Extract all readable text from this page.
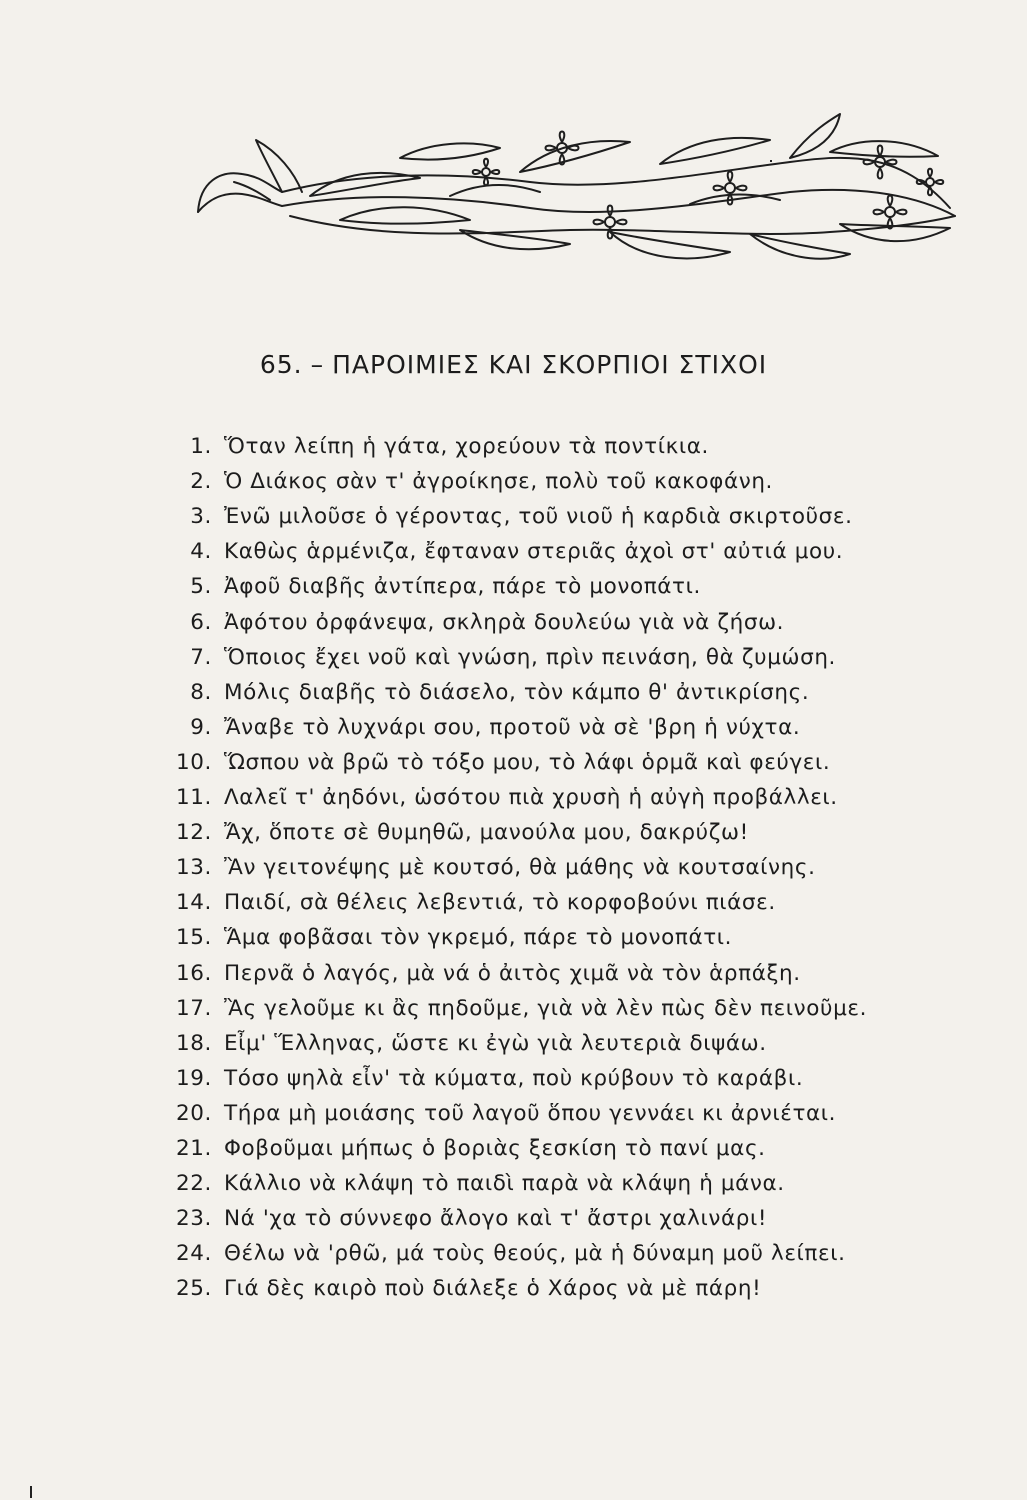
65. – ΠΑΡΟΙΜΙΕΣ ΚΑΙ ΣΚΟΡΠΙΟΙ ΣΤΙΧΟΙ
1. Ὅταν λείπη ἡ γάτα, χορεύουν τὰ ποντίκια.
2. Ὁ Διάκος σὰν τ' ἀγροίκησε, πολὺ τοῦ κακοφάνη.
3. Ἐνῶ μιλοῦσε ὁ γέροντας, τοῦ νιοῦ ἡ καρδιὰ σκιρτοῦσε.
4. Καθὼς ἁρμένιζα, ἔφταναν στεριᾶς ἀχοὶ στ' αὐτιά μου.
5. Ἀφοῦ διαβῆς ἀντίπερα, πάρε τὸ μονοπάτι.
6. Ἀφότου ὀρφάνεψα, σκληρὰ δουλεύω γιὰ νὰ ζήσω.
7. Ὅποιος ἔχει νοῦ καὶ γνώση, πρὶν πεινάση, θὰ ζυμώση.
8. Μόλις διαβῆς τὸ διάσελο, τὸν κάμπο θ' ἀντικρίσης.
9. Ἄναβε τὸ λυχνάρι σου, προτοῦ νὰ σὲ 'βρη ἡ νύχτα.
10. Ὥσπου νὰ βρῶ τὸ τόξο μου, τὸ λάφι ὁρμᾶ καὶ φεύγει.
11. Λαλεῖ τ' ἀηδόνι, ὡσότου πιὰ χρυσὴ ἡ αὐγὴ προβάλλει.
12. Ἄχ, ὅποτε σὲ θυμηθῶ, μανούλα μου, δακρύζω!
13. Ἂν γειτονέψης μὲ κουτσό, θὰ μάθης νὰ κουτσαίνης.
14. Παιδί, σὰ θέλεις λεβεντιά, τὸ κορφοβούνι πιάσε.
15. Ἅμα φοβᾶσαι τὸν γκρεμό, πάρε τὸ μονοπάτι.
16. Περνᾶ ὁ λαγός, μὰ νά ὁ ἀιτὸς χιμᾶ νὰ τὸν ἁρπάξη.
17. Ἂς γελοῦμε κι ἂς πηδοῦμε, γιὰ νὰ λὲν πὼς δὲν πεινοῦμε.
18. Εἶμ' Ἕλληνας, ὥστε κι ἐγὼ γιὰ λευτεριὰ διψάω.
19. Τόσο ψηλὰ εἶν' τὰ κύματα, ποὺ κρύβουν τὸ καράβι.
20. Τήρα μὴ μοιάσης τοῦ λαγοῦ ὅπου γεννάει κι ἀρνιέται.
21. Φοβοῦμαι μήπως ὁ βοριὰς ξεσκίση τὸ πανί μας.
22. Κάλλιο νὰ κλάψη τὸ παιδὶ παρὰ νὰ κλάψη ἡ μάνα.
23. Νά 'χα τὸ σύννεφο ἄλογο καὶ τ' ἄστρι χαλινάρι!
24. Θέλω νὰ 'ρθῶ, μά τοὺς θεούς, μὰ ἡ δύναμη μοῦ λείπει.
25. Γιά δὲς καιρὸ ποὺ διάλεξε ὁ Χάρος νὰ μὲ πάρη!
